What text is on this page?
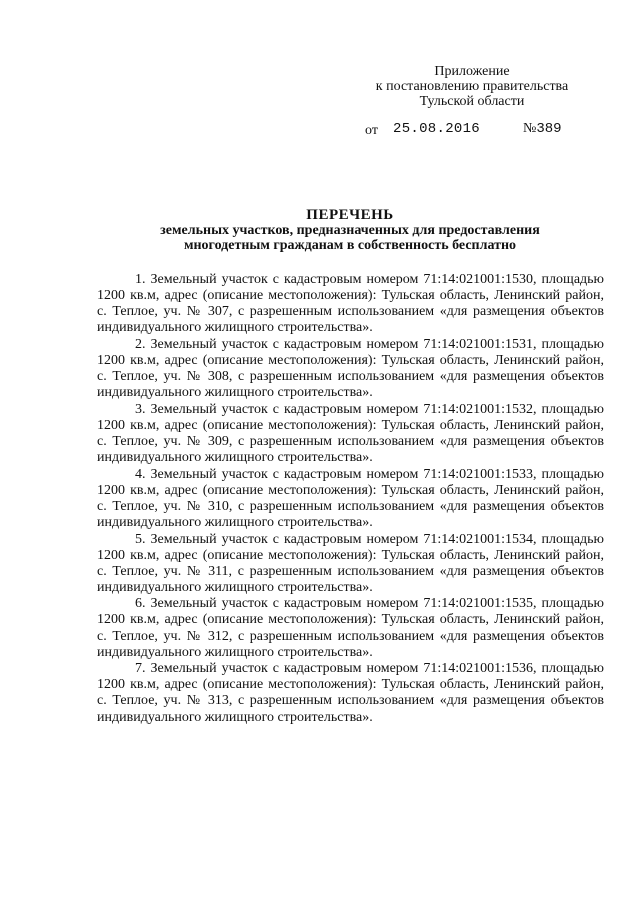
Приложение
к постановлению правительства
Тульской области
от 25.08.2016	№389
ПЕРЕЧЕНЬ
земельных участков, предназначенных для предоставления
многодетным гражданам в собственность бесплатно

1. Земельный участок с кадастровым номером 71:14:021001:1530, площадью 1200 кв.м, адрес (описание местоположения): Тульская область, Ленинский район, с. Теплое, уч. № 307, с разрешенным использованием «для размещения объектов индивидуального жилищного строительства».

2. Земельный участок с кадастровым номером 71:14:021001:1531, площадью 1200 кв.м, адрес (описание местоположения): Тульская область, Ленинский район, с. Теплое, уч. № 308, с разрешенным использованием «для размещения объектов индивидуального жилищного строительства».

3. Земельный участок с кадастровым номером 71:14:021001:1532, площадью 1200 кв.м, адрес (описание местоположения): Тульская область, Ленинский район, с. Теплое, уч. № 309, с разрешенным использованием «для размещения объектов индивидуального жилищного строительства».

4. Земельный участок с кадастровым номером 71:14:021001:1533, площадью 1200 кв.м, адрес (описание местоположения): Тульская область, Ленинский район, с. Теплое, уч. № 310, с разрешенным использованием «для размещения объектов индивидуального жилищного строительства».

5. Земельный участок с кадастровым номером 71:14:021001:1534, площадью 1200 кв.м, адрес (описание местоположения): Тульская область, Ленинский район, с. Теплое, уч. № 311, с разрешенным использованием «для размещения объектов индивидуального жилищного строительства».

6. Земельный участок с кадастровым номером 71:14:021001:1535, площадью 1200 кв.м, адрес (описание местоположения): Тульская область, Ленинский район, с. Теплое, уч. № 312, с разрешенным использованием «для размещения объектов индивидуального жилищного строительства».

7. Земельный участок с кадастровым номером 71:14:021001:1536, площадью 1200 кв.м, адрес (описание местоположения): Тульская область, Ленинский район, с. Теплое, уч. № 313, с разрешенным использованием «для размещения объектов индивидуального жилищного строительства».
